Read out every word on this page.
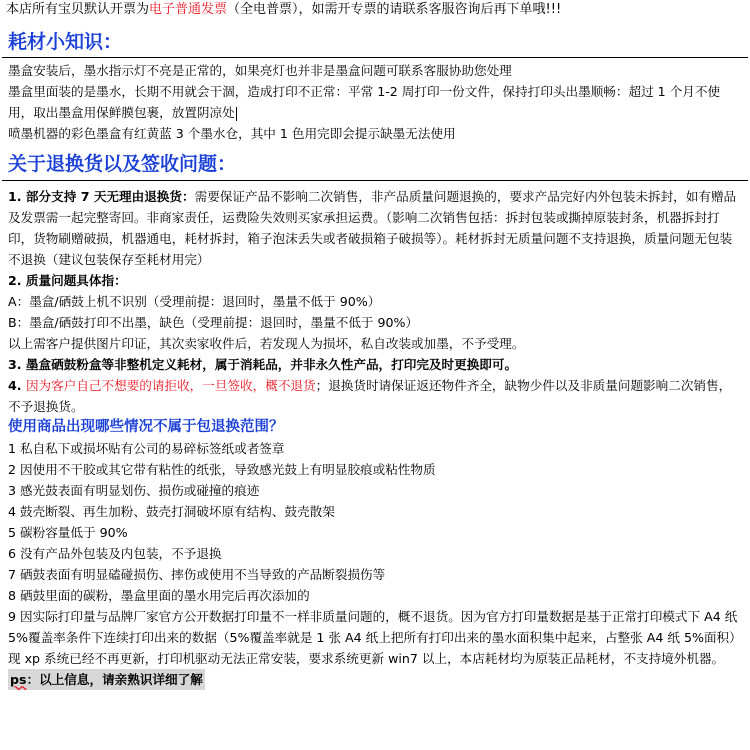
本店所有宝贝默认开票为电子普通发票（全电普票），如需开专票的请联系客服咨询后再下单哦!!!
耗材小知识：

墨盒安装后，墨水指示灯不亮是正常的，如果亮灯也并非是墨盒问题可联系客服协助您处理

墨盒里面装的是墨水，长期不用就会干涸，造成打印不正常：平常 1-2 周打印一份文件，保持打印头出墨顺畅：超过 1 个月不使用，取出墨盒用保鲜膜包裹，放置阴凉处

喷墨机器的彩色墨盒有红黄蓝 3 个墨水仓，其中 1 色用完即会提示缺墨无法使用

关于退换货以及签收问题：

1. 部分支持 7 天无理由退换货：需要保证产品不影响二次销售，非产品质量问题退换的，要求产品完好内外包装未拆封，如有赠品及发票需一起完整寄回。非商家责任，运费险失效则买家承担运费。（影响二次销售包括：拆封包装或撕掉原装封条，机器拆封打印，货物刷赠破损，机器通电，耗材拆封，箱子泡沫丢失或者破损箱子破损等）。耗材拆封无质量问题不支持退换，质量问题无包装不退换（建议包装保存至耗材用完）

2. 质量问题具体指：

A：墨盒/硒鼓上机不识别（受理前提：退回时，墨量不低于 90%）

B：墨盒/硒鼓打印不出墨，缺色（受理前提：退回时，墨量不低于 90%）

以上需客户提供图片印证，其次卖家收件后，若发现人为损坏，私自改装或加墨，不予受理。

3. 墨盒硒鼓粉盒等非整机定义耗材，属于消耗品，并非永久性产品，打印完及时更换即可。

4. 因为客户自己不想要的请拒收，一旦签收，概不退货；退换货时请保证返还物件齐全，缺物少件以及非质量问题影响二次销售，不予退换货。

使用商品出现哪些情况不属于包退换范围？

1 私自私下或损坏贴有公司的易碎标签纸或者签章

2 因使用不干胶或其它带有粘性的纸张，导致感光鼓上有明显胶痕或粘性物质

3 感光鼓表面有明显划伤、损伤或碰撞的痕迹

4 鼓壳断裂、再生加粉、鼓壳打洞破坏原有结构、鼓壳散架

5 碳粉容量低于 90%

6 没有产品外包装及内包装，不予退换

7 硒鼓表面有明显磕碰损伤、摔伤或使用不当导致的产品断裂损伤等

8 硒鼓里面的碳粉，墨盒里面的墨水用完后再次添加的

9 因实际打印量与品牌厂家官方公开数据打印量不一样非质量问题的，概不退货。因为官方打印量数据是基于正常打印模式下 A4 纸 5%覆盖率条件下连续打印出来的数据（5%覆盖率就是 1 张 A4 纸上把所有打印出来的墨水面积集中起来，占整张 A4 纸 5%面积）现 xp 系统已经不再更新，打印机驱动无法正常安装，要求系统更新 win7 以上，本店耗材均为原装正品耗材，不支持境外机器。

ps：以上信息，请亲熟识详细了解
